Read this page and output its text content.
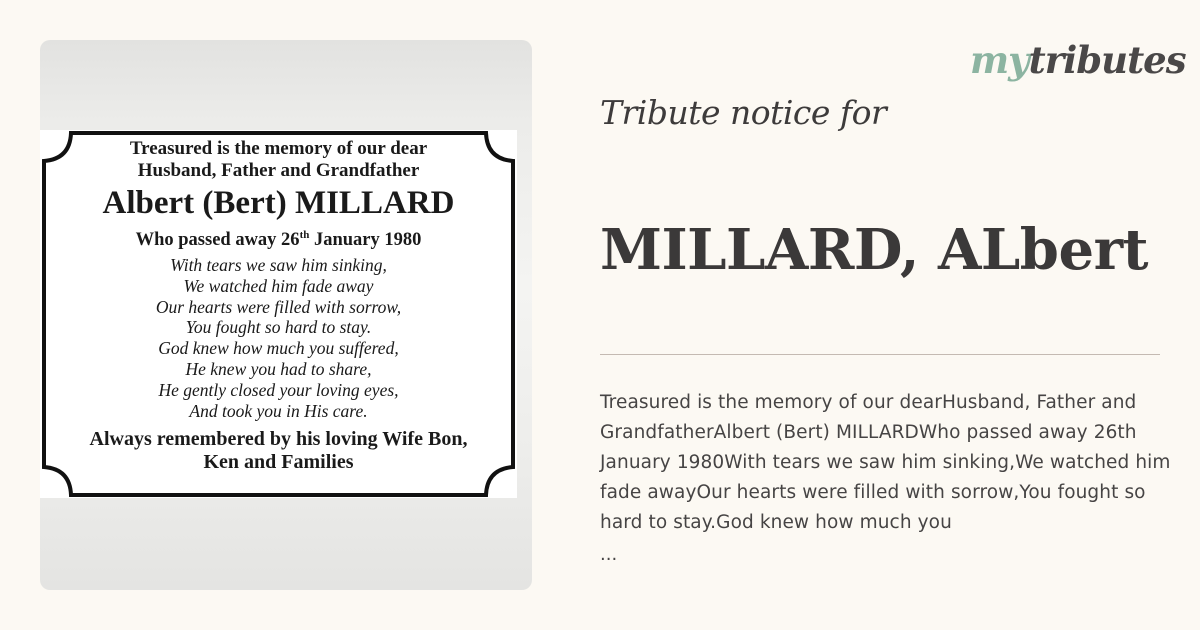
Treasured is the memory of our dear
Husband, Father and Grandfather
Albert (Bert) MILLARD
Who passed away 26th January 1980
With tears we saw him sinking,
We watched him fade away
Our hearts were filled with sorrow,
You fought so hard to stay.
God knew how much you suffered,
He knew you had to share,
He gently closed your loving eyes,
And took you in His care.
Always remembered by his loving Wife Bon,
Ken and Families
mytributes
Tribute notice for
MILLARD, ALbert
Treasured is the memory of our dearHusband, Father and GrandfatherAlbert (Bert) MILLARDWho passed away 26th January 1980With tears we saw him sinking,We watched him fade awayOur hearts were filled with sorrow,You fought so hard to stay.God knew how much you
...
